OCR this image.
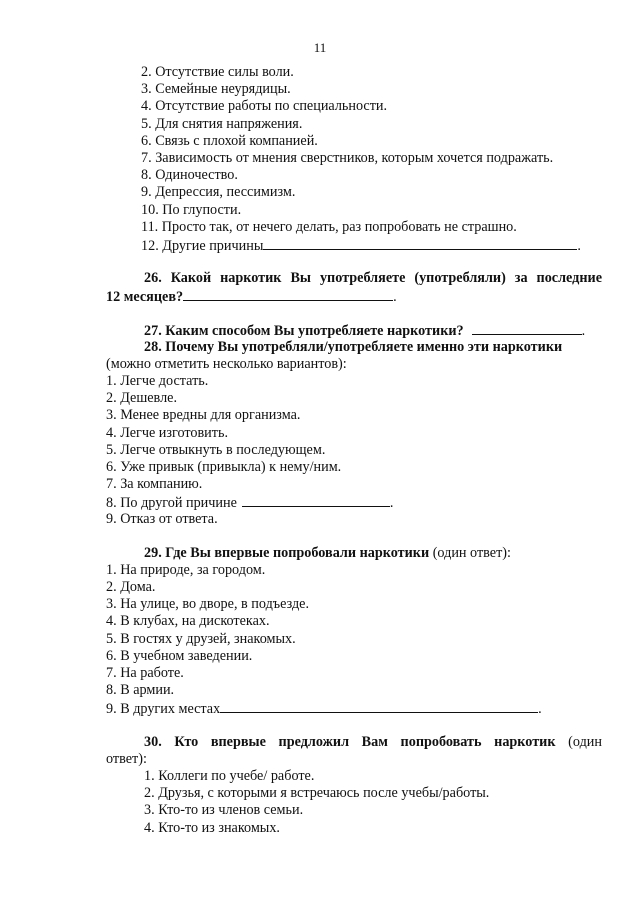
11
2. Отсутствие силы воли.
3. Семейные неурядицы.
4. Отсутствие работы по специальности.
5. Для снятия напряжения.
6. Связь с плохой компанией.
7. Зависимость от мнения сверстников, которым хочется подражать.
8. Одиночество.
9. Депрессия, пессимизм.
10. По глупости.
11. Просто так, от нечего делать, раз попробовать не страшно.
12. Другие причины	.
26. Какой наркотик Вы употребляете (употребляли) за последние
12 месяцев?	.
27. Каким способом Вы употребляете наркотики?	.
28. Почему Вы употребляли/употребляете именно эти наркотики
(можно отметить несколько вариантов):
1. Легче достать.
2. Дешевле.
3. Менее вредны для организма.
4. Легче изготовить.
5. Легче отвыкнуть в последующем.
6. Уже привык (привыкла) к нему/ним.
7. За компанию.
8. По другой причине	.
9. Отказ от ответа.
29. Где Вы впервые попробовали наркотики (один ответ):
1. На природе, за городом.
2. Дома.
3. На улице, во дворе, в подъезде.
4. В клубах, на дискотеках.
5. В гостях у друзей, знакомых.
6. В учебном заведении.
7. На работе.
8. В армии.
9. В других местах	.
30. Кто впервые предложил Вам попробовать наркотик (один
ответ):
1. Коллеги по учебе/ работе.
2. Друзья, с которыми я встречаюсь после учебы/работы.
3. Кто-то из членов семьи.
4. Кто-то из знакомых.
